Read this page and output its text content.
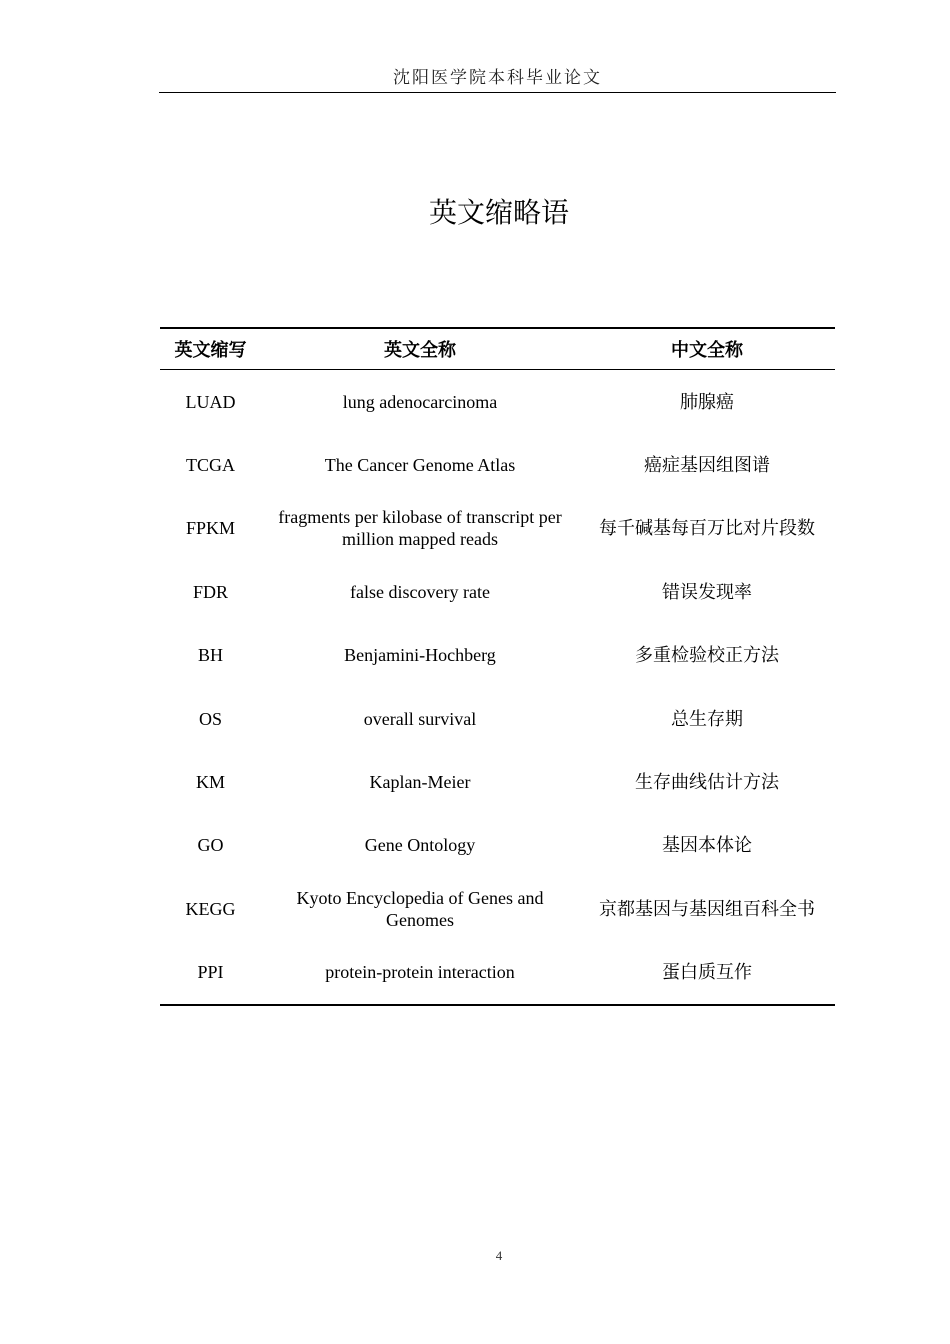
沈阳医学院本科毕业论文
英文缩略语
英文缩写	英文全称	中文全称
LUAD	lung adenocarcinoma	肺腺癌
TCGA	The Cancer Genome Atlas	癌症基因组图谱
FPKM	fragments per kilobase of transcript per million mapped reads	每千碱基每百万比对片段数
FDR	false discovery rate	错误发现率
BH	Benjamini-Hochberg	多重检验校正方法
OS	overall survival	总生存期
KM	Kaplan-Meier	生存曲线估计方法
GO	Gene Ontology	基因本体论
KEGG	Kyoto Encyclopedia of Genes and Genomes	京都基因与基因组百科全书
PPI	protein-protein interaction	蛋白质互作
4
